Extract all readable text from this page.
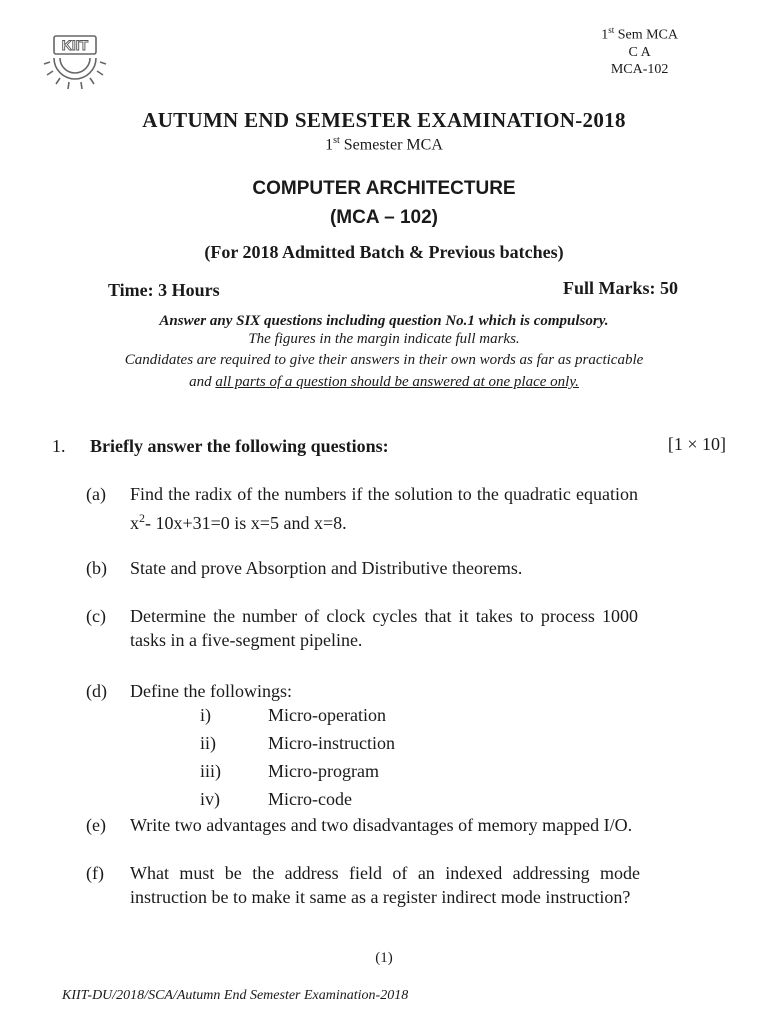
KIIT
1st Sem MCA
C A
MCA-102
AUTUMN END SEMESTER EXAMINATION-2018
1st Semester MCA
COMPUTER ARCHITECTURE
(MCA – 102)
(For 2018 Admitted Batch & Previous batches)
Time: 3 Hours	Full Marks: 50
Answer any SIX questions including question No.1 which is compulsory.
The figures in the margin indicate full marks.
Candidates are required to give their answers in their own words as far as practicable
and all parts of a question should be answered at one place only.
1. Briefly answer the following questions:	[1 × 10]
(a) Find the radix of the numbers if the solution to the quadratic equation $x^2-$ 10x+31=0 is x=5 and x=8.
(b) State and prove Absorption and Distributive theorems.
(c) Determine the number of clock cycles that it takes to process 1000 tasks in a five-segment pipeline.
(d) Define the followings:
i)	Micro-operation
ii)	Micro-instruction
iii)	Micro-program
iv)	Micro-code
(e) Write two advantages and two disadvantages of memory mapped I/O.
(f) What must be the address field of an indexed addressing mode instruction be to make it same as a register indirect mode instruction?
(1)
KIIT-DU/2018/SCA/Autumn End Semester Examination-2018
